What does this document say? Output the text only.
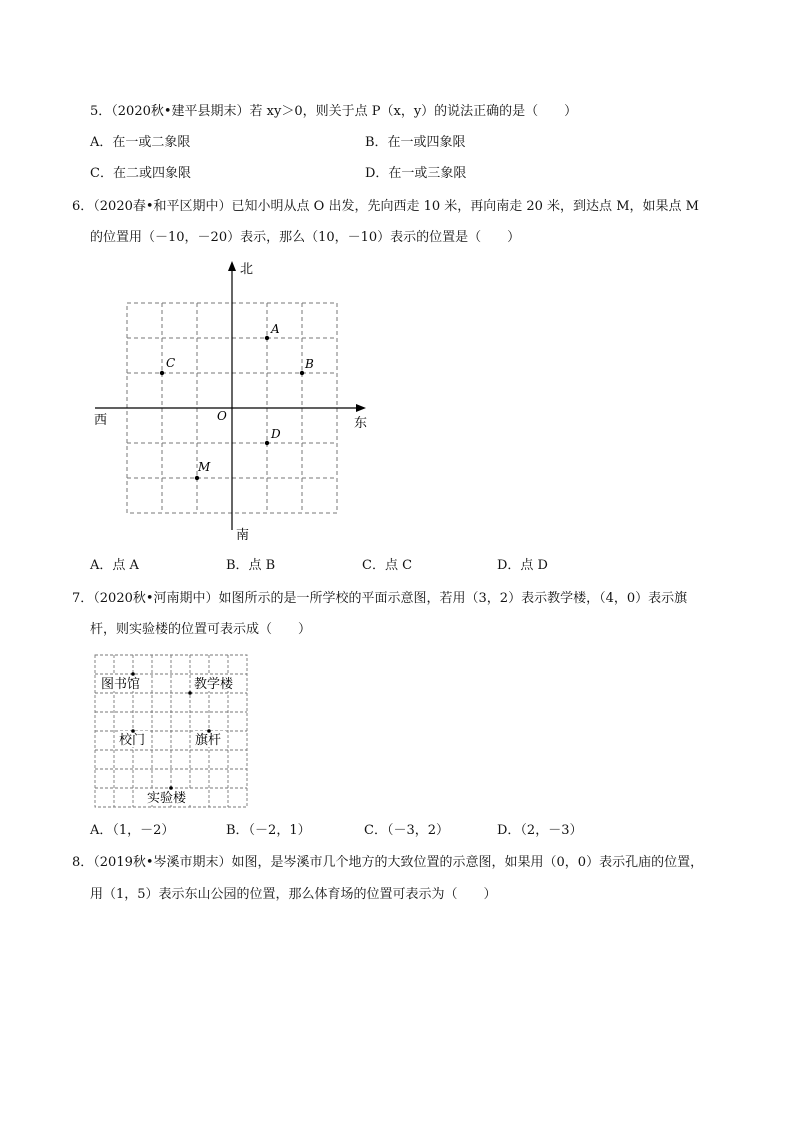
5．（2020秋•建平县期末）若 xy＞0，则关于点 P（x，y）的说法正确的是（　　）
A．在一或二象限	B．在一或四象限
C．在二或四象限	D．在一或三象限
6．（2020春•和平区期中）已知小明从点 O 出发，先向西走 10 米，再向南走 20 米，到达点 M，如果点 M
的位置用（－10，－20）表示，那么（10，－10）表示的位置是（　　）
北
南
东
西	O
A
B
C
D
M
A．点 A	B．点 B	C．点 C	D．点 D
7．（2020秋•河南期中）如图所示的是一所学校的平面示意图，若用（3，2）表示教学楼，（4，0）表示旗
杆，则实验楼的位置可表示成（　　）
图书馆	教学楼
校门	旗杆
实验楼
A．（1，－2）	B．（－2，1）	C．（－3，2）	D．（2，－3）
8．（2019秋•岑溪市期末）如图，是岑溪市几个地方的大致位置的示意图，如果用（0，0）表示孔庙的位置，
用（1，5）表示东山公园的位置，那么体育场的位置可表示为（　　）
